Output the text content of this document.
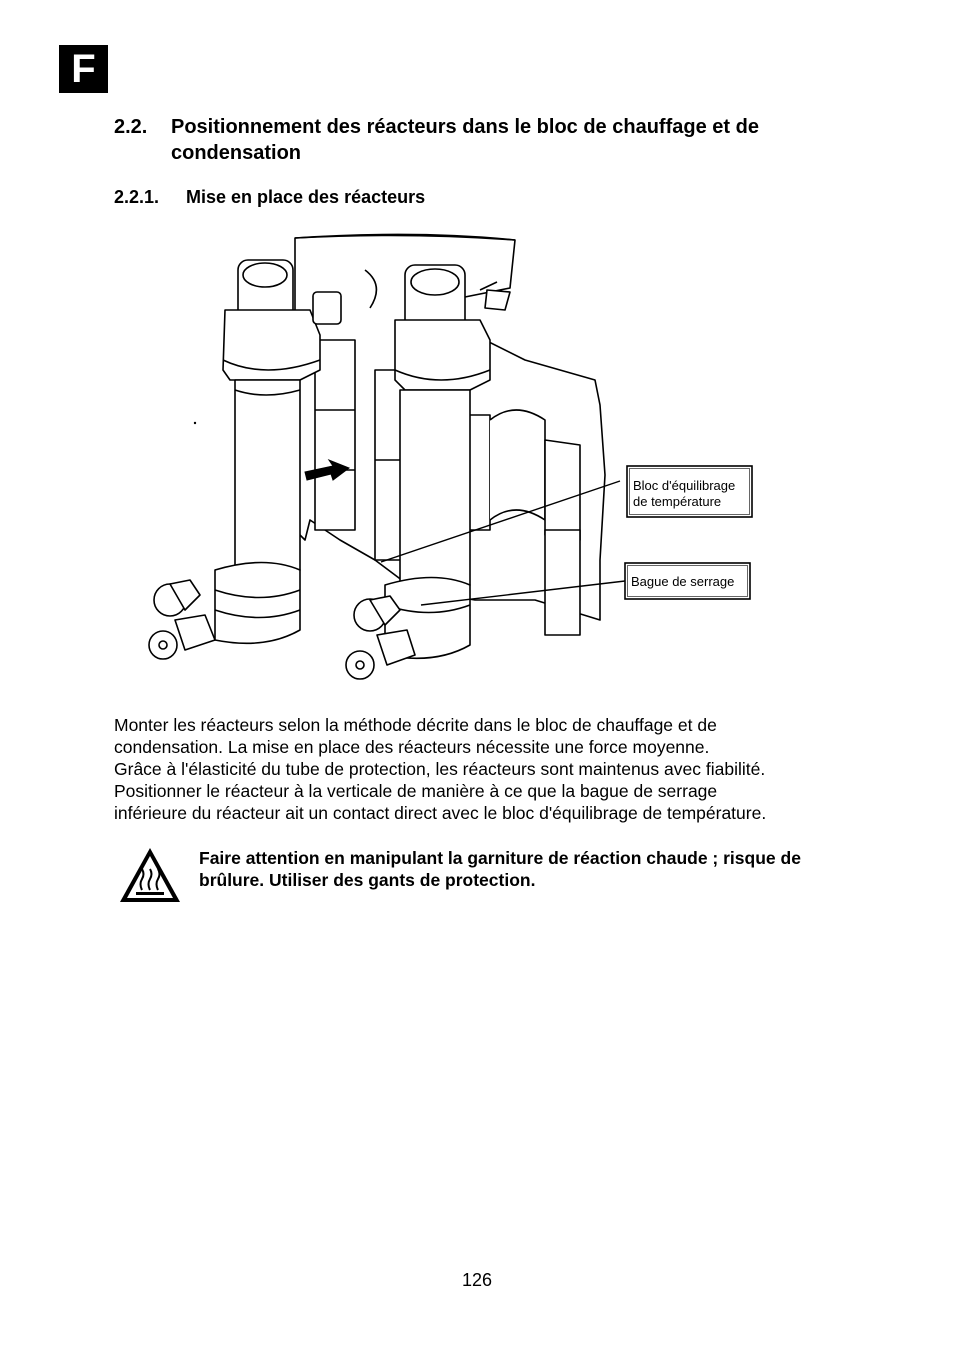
F
2.2. Positionnement des réacteurs dans le bloc de chauffage et de condensation
2.2.1. Mise en place des réacteurs
Bloc d'équilibrage
de température
Bague de serrage

Monter les réacteurs selon la méthode décrite dans le bloc de chauffage et de

condensation. La mise en place des réacteurs nécessite une force moyenne.

Grâce à l'élasticité du tube de protection, les réacteurs sont maintenus avec fiabilité.

Positionner le réacteur à la verticale de manière à ce que la bague de serrage

inférieure du réacteur ait un contact direct avec le bloc d'équilibrage de température.

Faire attention en manipulant la garniture de réaction chaude ; risque de brûlure. Utiliser des gants de protection.
126
